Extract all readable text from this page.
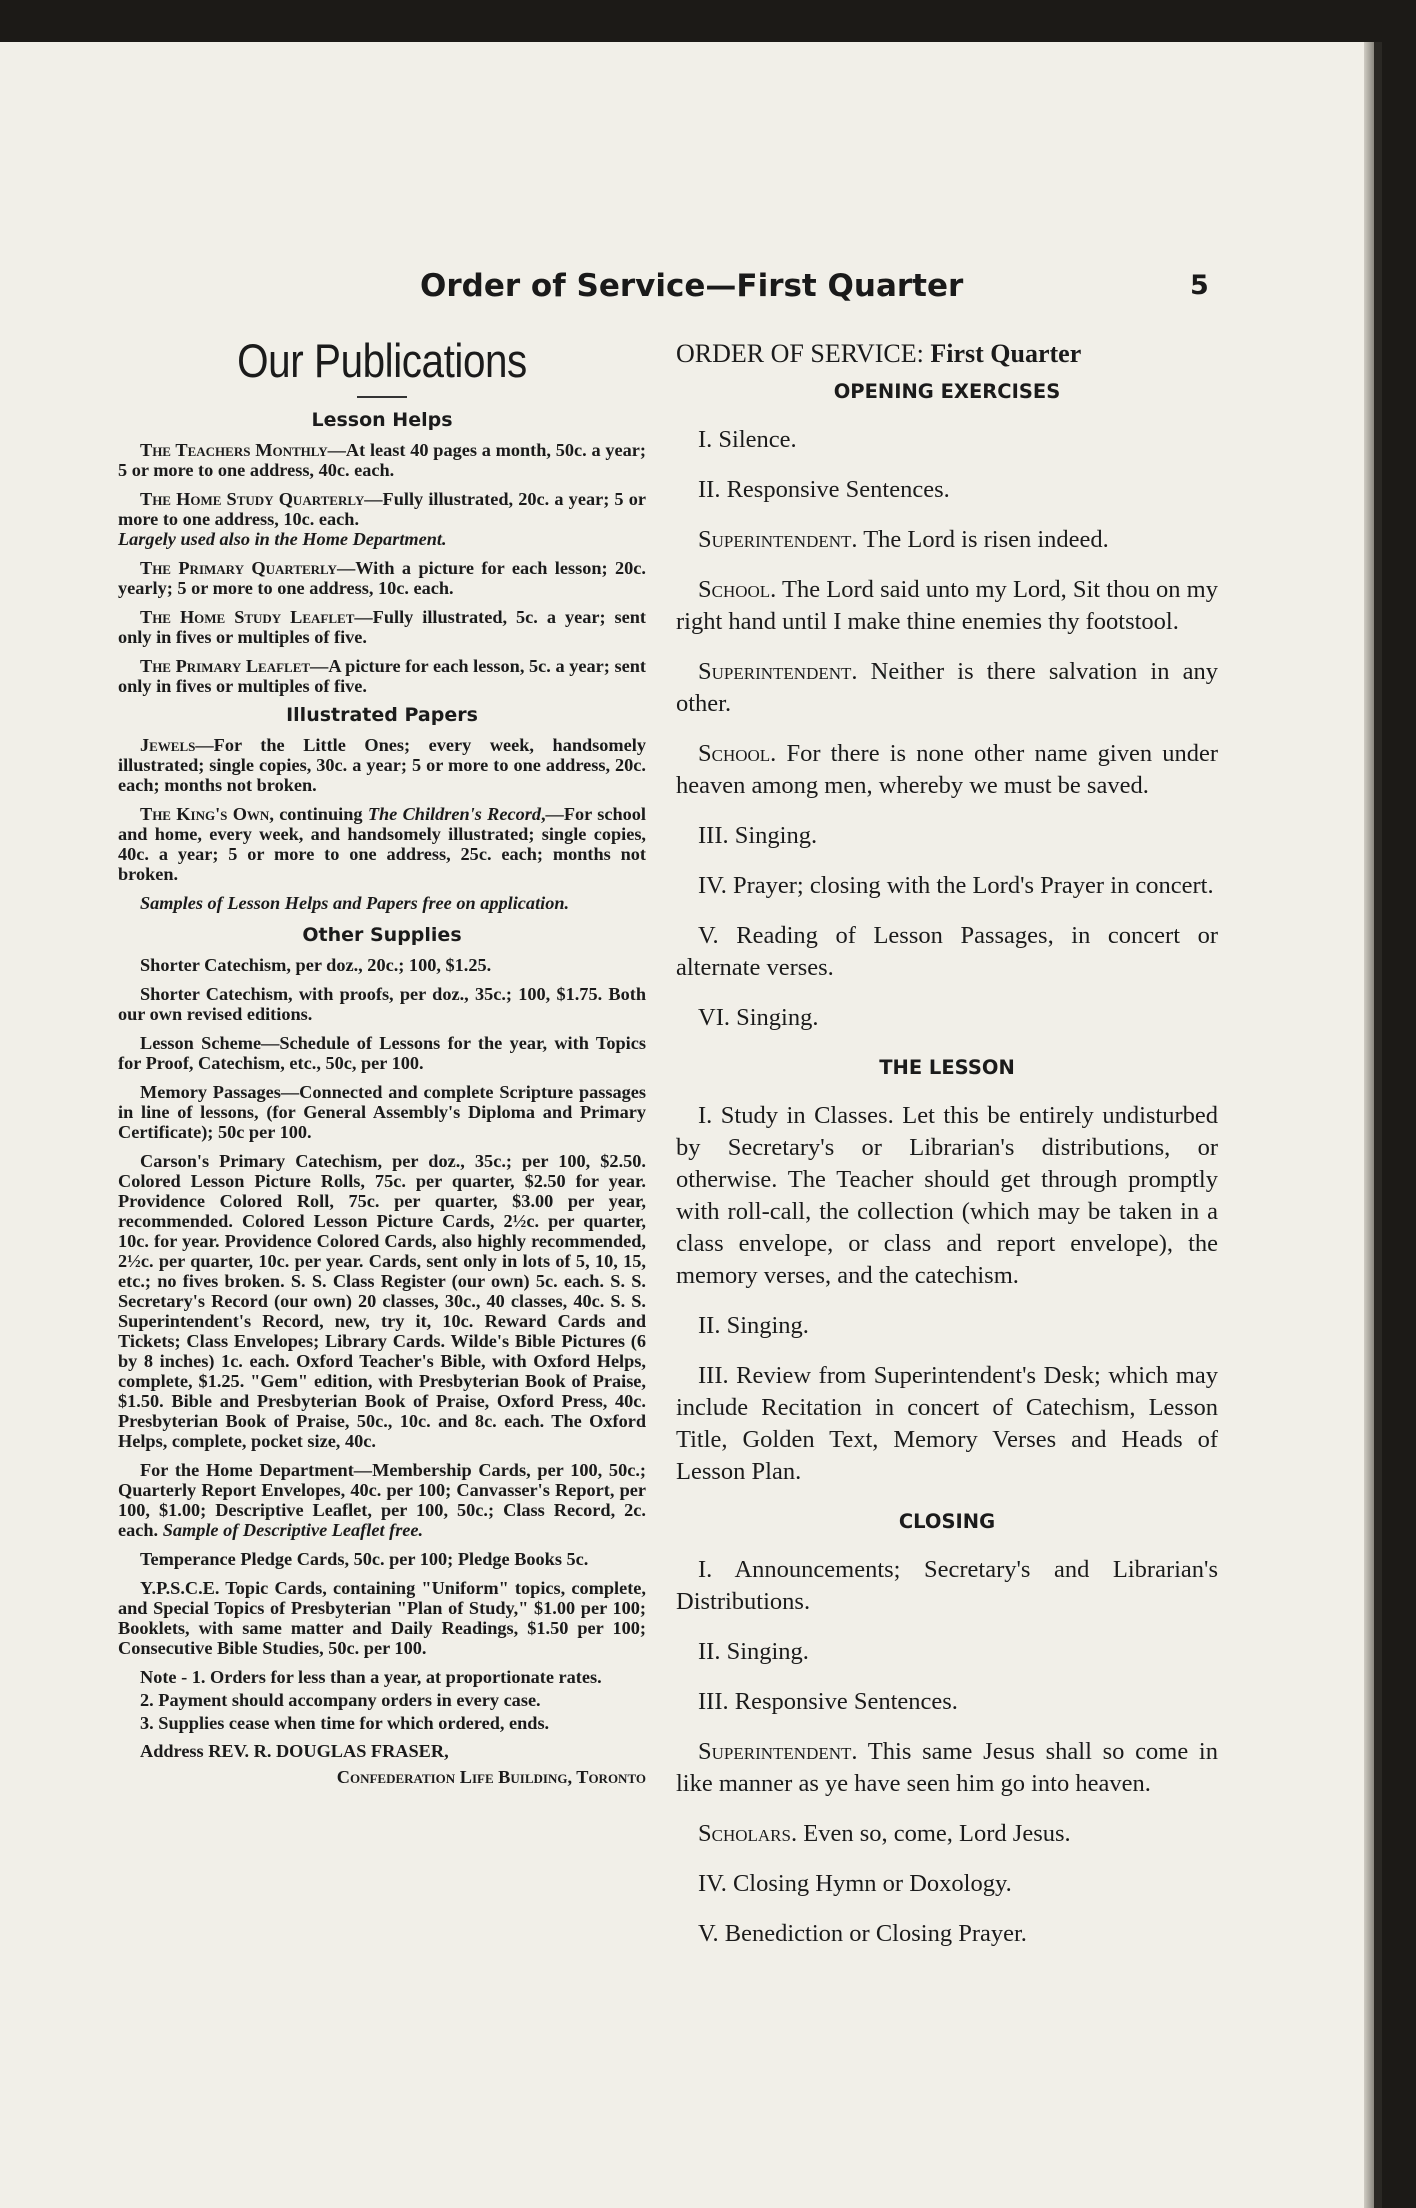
Order of Service—First Quarter	5
Our Publications
Lesson Helps

The Teachers Monthly—At least 40 pages a month, 50c. a year; 5 or more to one address, 40c. each.

The Home Study Quarterly—Fully illustrated, 20c. a year; 5 or more to one address, 10c. each.
Largely used also in the Home Department.

The Primary Quarterly—With a picture for each lesson; 20c. yearly; 5 or more to one address, 10c. each.

The Home Study Leaflet—Fully illustrated, 5c. a year; sent only in fives or multiples of five.

The Primary Leaflet—A picture for each lesson, 5c. a year; sent only in fives or multiples of five.

Illustrated Papers

Jewels—For the Little Ones; every week, handsomely illustrated; single copies, 30c. a year; 5 or more to one address, 20c. each; months not broken.

The King's Own, continuing The Children's Record,—For school and home, every week, and handsomely illustrated; single copies, 40c. a year; 5 or more to one address, 25c. each; months not broken.

Samples of Lesson Helps and Papers free on application.

Other Supplies

Shorter Catechism, per doz., 20c.; 100, $1.25.

Shorter Catechism, with proofs, per doz., 35c.; 100, $1.75. Both our own revised editions.

Lesson Scheme—Schedule of Lessons for the year, with Topics for Proof, Catechism, etc., 50c, per 100.

Memory Passages—Connected and complete Scripture passages in line of lessons, (for General Assembly's Diploma and Primary Certificate); 50c per 100.

Carson's Primary Catechism, per doz., 35c.; per 100, $2.50. Colored Lesson Picture Rolls, 75c. per quarter, $2.50 for year. Providence Colored Roll, 75c. per quarter, $3.00 per year, recommended. Colored Lesson Picture Cards, 2½c. per quarter, 10c. for year. Providence Colored Cards, also highly recommended, 2½c. per quarter, 10c. per year. Cards, sent only in lots of 5, 10, 15, etc.; no fives broken. S. S. Class Register (our own) 5c. each. S. S. Secretary's Record (our own) 20 classes, 30c., 40 classes, 40c. S. S. Superintendent's Record, new, try it, 10c. Reward Cards and Tickets; Class Envelopes; Library Cards. Wilde's Bible Pictures (6 by 8 inches) 1c. each. Oxford Teacher's Bible, with Oxford Helps, complete, $1.25. "Gem" edition, with Presbyterian Book of Praise, $1.50. Bible and Presbyterian Book of Praise, Oxford Press, 40c. Presbyterian Book of Praise, 50c., 10c. and 8c. each. The Oxford Helps, complete, pocket size, 40c.

For the Home Department—Membership Cards, per 100, 50c.; Quarterly Report Envelopes, 40c. per 100; Canvasser's Report, per 100, $1.00; Descriptive Leaflet, per 100, 50c.; Class Record, 2c. each. Sample of Descriptive Leaflet free.

Temperance Pledge Cards, 50c. per 100; Pledge Books 5c.

Y.P.S.C.E. Topic Cards, containing "Uniform" topics, complete, and Special Topics of Presbyterian "Plan of Study," $1.00 per 100; Booklets, with same matter and Daily Readings, $1.50 per 100; Consecutive Bible Studies, 50c. per 100.

Note - 1. Orders for less than a year, at proportionate rates.

2. Payment should accompany orders in every case.

3. Supplies cease when time for which ordered, ends.

Address REV. R. DOUGLAS FRASER,

Confederation Life Building, Toronto

ORDER OF SERVICE: First Quarter

OPENING EXERCISES

I. Silence.

II. Responsive Sentences.

Superintendent. The Lord is risen indeed.

School. The Lord said unto my Lord, Sit thou on my right hand until I make thine enemies thy footstool.

Superintendent. Neither is there salvation in any other.

School. For there is none other name given under heaven among men, whereby we must be saved.

III. Singing.

IV. Prayer; closing with the Lord's Prayer in concert.

V. Reading of Lesson Passages, in concert or alternate verses.

VI. Singing.

THE LESSON

I. Study in Classes. Let this be entirely undisturbed by Secretary's or Librarian's distributions, or otherwise. The Teacher should get through promptly with roll-call, the collection (which may be taken in a class envelope, or class and report envelope), the memory verses, and the catechism.

II. Singing.

III. Review from Superintendent's Desk; which may include Recitation in concert of Catechism, Lesson Title, Golden Text, Memory Verses and Heads of Lesson Plan.

CLOSING

I. Announcements; Secretary's and Librarian's Distributions.

II. Singing.

III. Responsive Sentences.

Superintendent. This same Jesus shall so come in like manner as ye have seen him go into heaven.

Scholars. Even so, come, Lord Jesus.

IV. Closing Hymn or Doxology.

V. Benediction or Closing Prayer.
